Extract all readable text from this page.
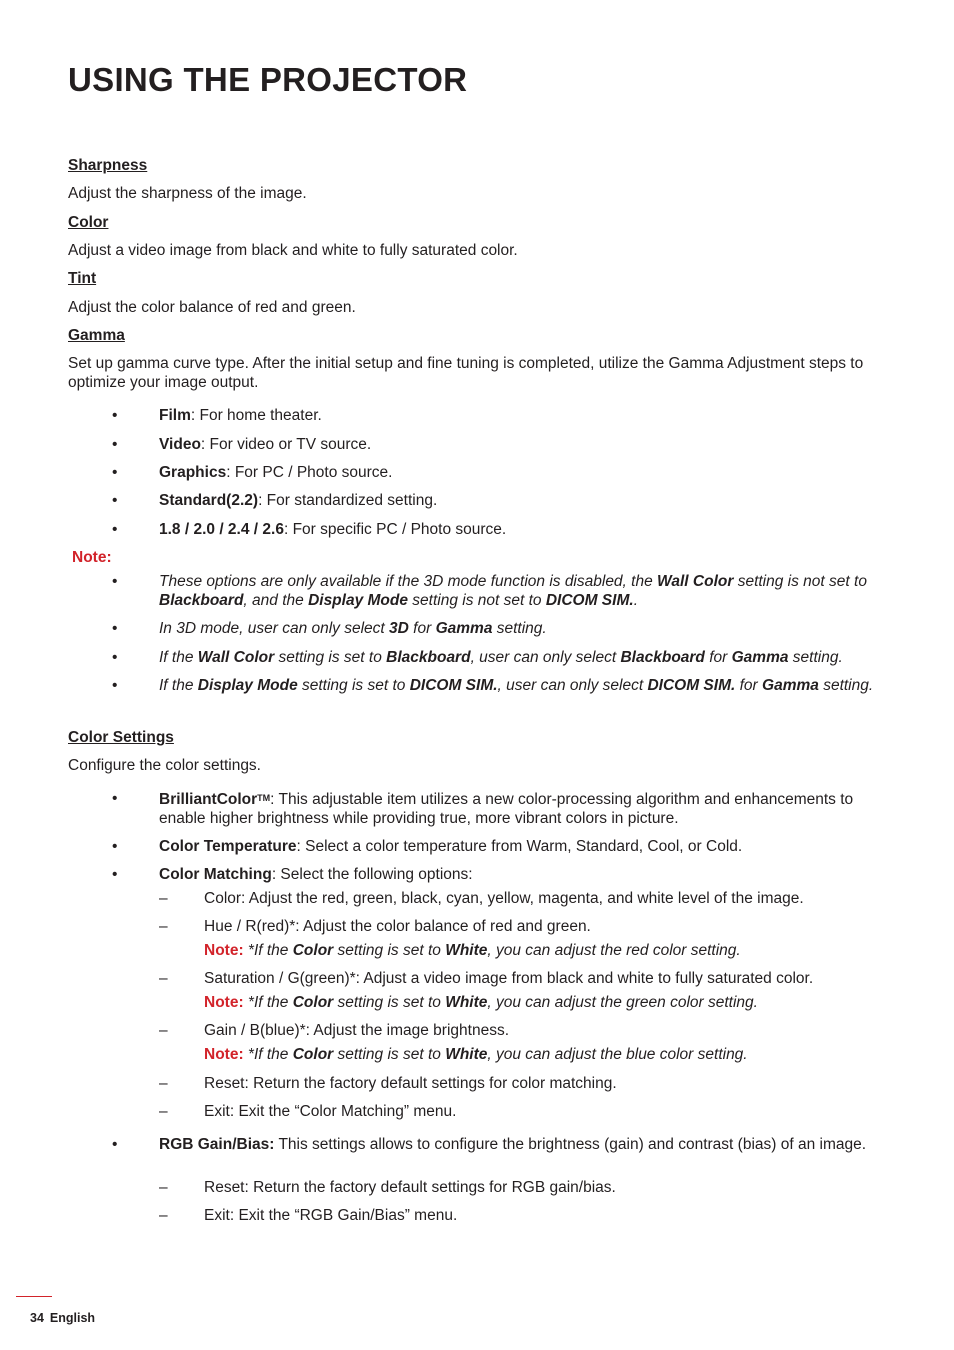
USING THE PROJECTOR
Sharpness
Adjust the sharpness of the image.
Color
Adjust a video image from black and white to fully saturated color.
Tint
Adjust the color balance of red and green.
Gamma
Set up gamma curve type. After the initial setup and fine tuning is completed, utilize the Gamma Adjustment steps to optimize your image output.
•	Film: For home theater.
•	Video: For video or TV source.
•	Graphics: For PC / Photo source.
•	Standard(2.2): For standardized setting.
•	1.8 / 2.0 / 2.4 / 2.6: For specific PC / Photo source.
Note:
•	These options are only available if the 3D mode function is disabled, the Wall Color setting is not set to Blackboard, and the Display Mode setting is not set to DICOM SIM..
•	In 3D mode, user can only select 3D for Gamma setting.
•	If the Wall Color setting is set to Blackboard, user can only select Blackboard for Gamma setting.
•	If the Display Mode setting is set to DICOM SIM., user can only select DICOM SIM. for Gamma setting.
Color Settings
Configure the color settings.
•	BrilliantColorTM: This adjustable item utilizes a new color-processing algorithm and enhancements to enable higher brightness while providing true, more vibrant colors in picture.
•	Color Temperature: Select a color temperature from Warm, Standard, Cool, or Cold.
•	Color Matching: Select the following options:
– Color: Adjust the red, green, black, cyan, yellow, magenta, and white level of the image.
– Hue / R(red)*: Adjust the color balance of red and green.
Note: *If the Color setting is set to White, you can adjust the red color setting.
– Saturation / G(green)*: Adjust a video image from black and white to fully saturated color.
Note: *If the Color setting is set to White, you can adjust the green color setting.
– Gain / B(blue)*: Adjust the image brightness.
Note: *If the Color setting is set to White, you can adjust the blue color setting.
– Reset: Return the factory default settings for color matching.
– Exit: Exit the “Color Matching” menu.
•	RGB Gain/Bias: This settings allows to configure the brightness (gain) and contrast (bias) of an image.
– Reset: Return the factory default settings for RGB gain/bias.
– Exit: Exit the “RGB Gain/Bias” menu.
34 English
